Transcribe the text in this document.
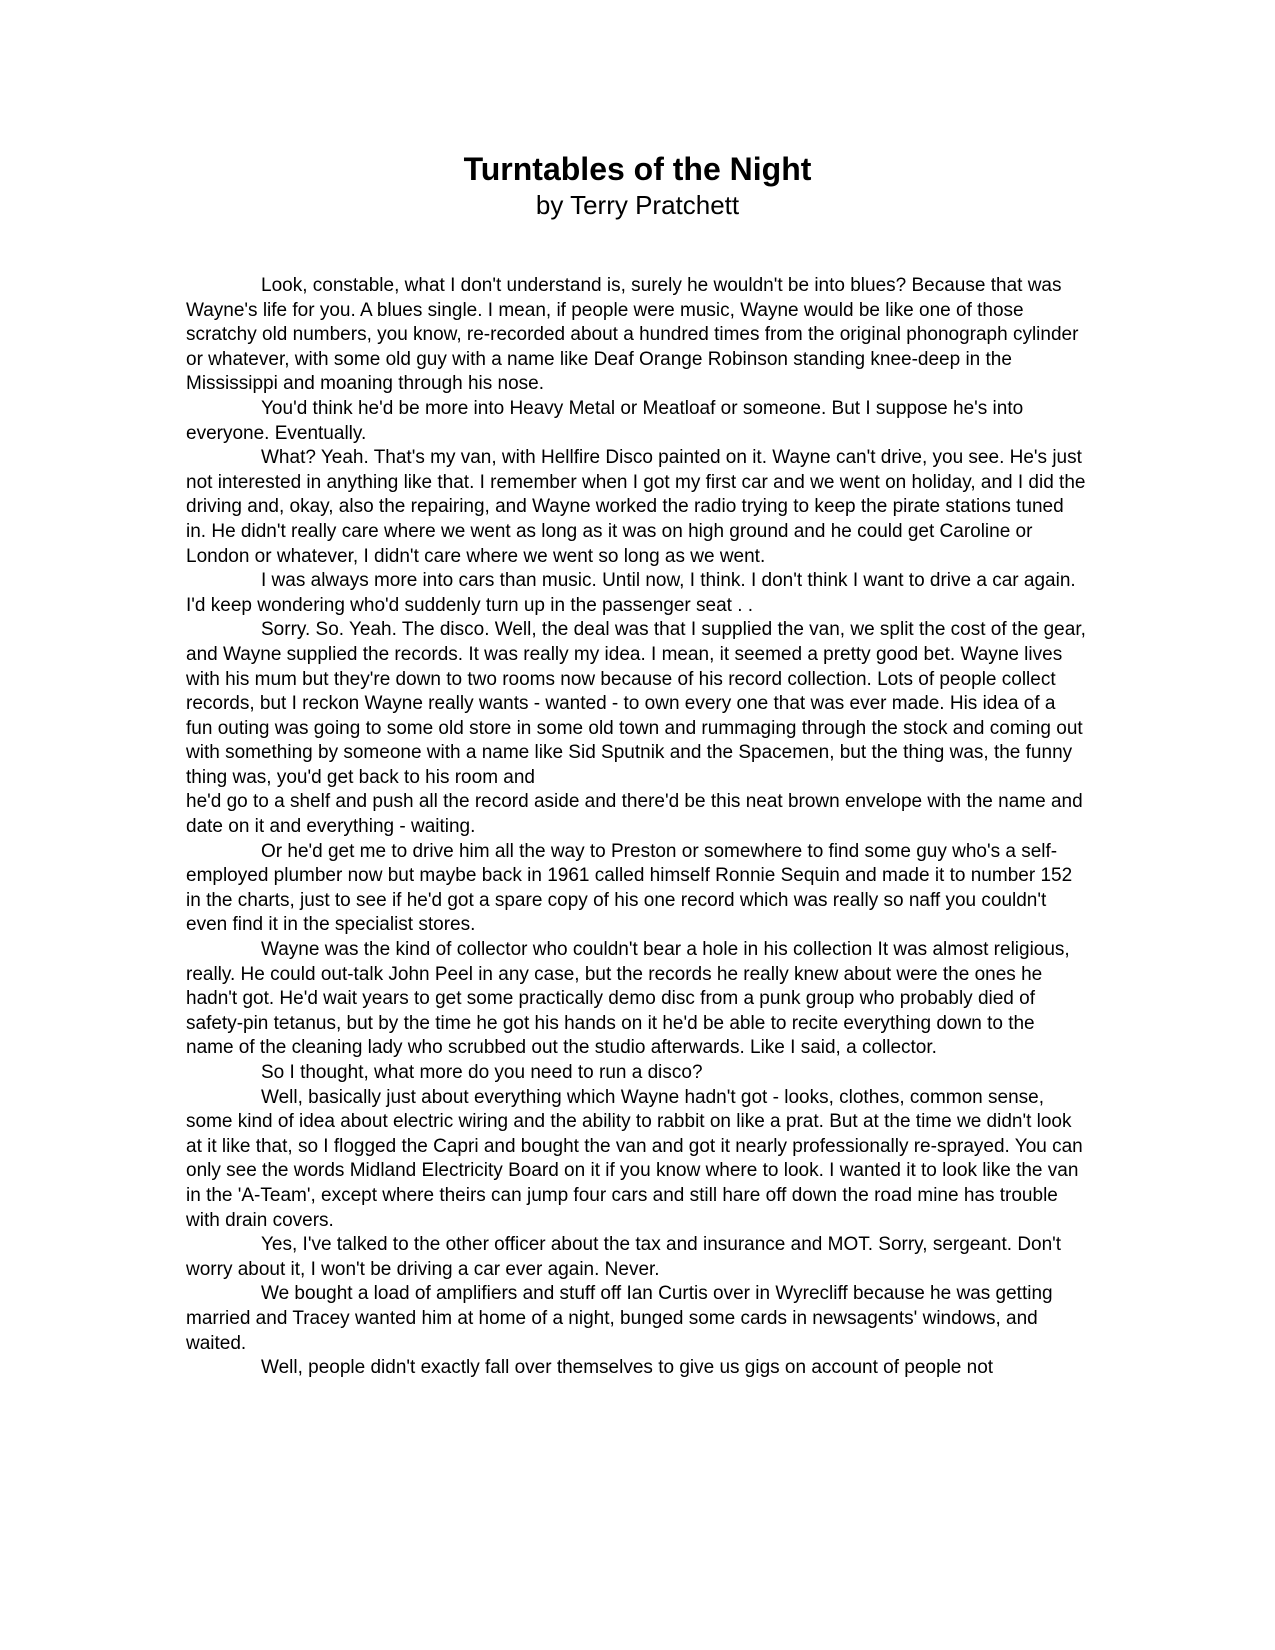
Turntables of the Night
by Terry Pratchett

Look, constable, what I don't understand is, surely he wouldn't be into blues? Because that was Wayne's life for you. A blues single. I mean, if people were music, Wayne would be like one of those scratchy old numbers, you know, re-recorded about a hundred times from the original phonograph cylinder or whatever, with some old guy with a name like Deaf Orange Robinson standing knee-deep in the Mississippi and moaning through his nose.

You'd think he'd be more into Heavy Metal or Meatloaf or someone. But I suppose he's into everyone. Eventually.

What? Yeah. That's my van, with Hellfire Disco painted on it. Wayne can't drive, you see. He's just not interested in anything like that. I remember when I got my first car and we went on holiday, and I did the driving and, okay, also the repairing, and Wayne worked the radio trying to keep the pirate stations tuned in. He didn't really care where we went as long as it was on high ground and he could get Caroline or London or whatever, I didn't care where we went so long as we went.

I was always more into cars than music. Until now, I think. I don't think I want to drive a car again. I'd keep wondering who'd suddenly turn up in the passenger seat . .

Sorry. So. Yeah. The disco. Well, the deal was that I supplied the van, we split the cost of the gear, and Wayne supplied the records. It was really my idea. I mean, it seemed a pretty good bet. Wayne lives with his mum but they're down to two rooms now because of his record collection. Lots of people collect records, but I reckon Wayne really wants - wanted - to own every one that was ever made. His idea of a fun outing was going to some old store in some old town and rummaging through the stock and coming out with something by someone with a name like Sid Sputnik and the Spacemen, but the thing was, the funny thing was, you'd get back to his room and

he'd go to a shelf and push all the record aside and there'd be this neat brown envelope with the name and date on it and everything - waiting.

Or he'd get me to drive him all the way to Preston or somewhere to find some guy who's a self-employed plumber now but maybe back in 1961 called himself Ronnie Sequin and made it to number 152 in the charts, just to see if he'd got a spare copy of his one record which was really so naff you couldn't even find it in the specialist stores.

Wayne was the kind of collector who couldn't bear a hole in his collection It was almost religious, really. He could out-talk John Peel in any case, but the records he really knew about were the ones he hadn't got. He'd wait years to get some practically demo disc from a punk group who probably died of safety-pin tetanus, but by the time he got his hands on it he'd be able to recite everything down to the name of the cleaning lady who scrubbed out the studio afterwards. Like I said, a collector.

So I thought, what more do you need to run a disco?

Well, basically just about everything which Wayne hadn't got - looks, clothes, common sense, some kind of idea about electric wiring and the ability to rabbit on like a prat. But at the time we didn't look at it like that, so I flogged the Capri and bought the van and got it nearly professionally re-sprayed. You can only see the words Midland Electricity Board on it if you know where to look. I wanted it to look like the van in the 'A-Team', except where theirs can jump four cars and still hare off down the road mine has trouble with drain covers.

Yes, I've talked to the other officer about the tax and insurance and MOT. Sorry, sergeant. Don't worry about it, I won't be driving a car ever again. Never.

We bought a load of amplifiers and stuff off Ian Curtis over in Wyrecliff because he was getting married and Tracey wanted him at home of a night, bunged some cards in newsagents' windows, and waited.

Well, people didn't exactly fall over themselves to give us gigs on account of people not
